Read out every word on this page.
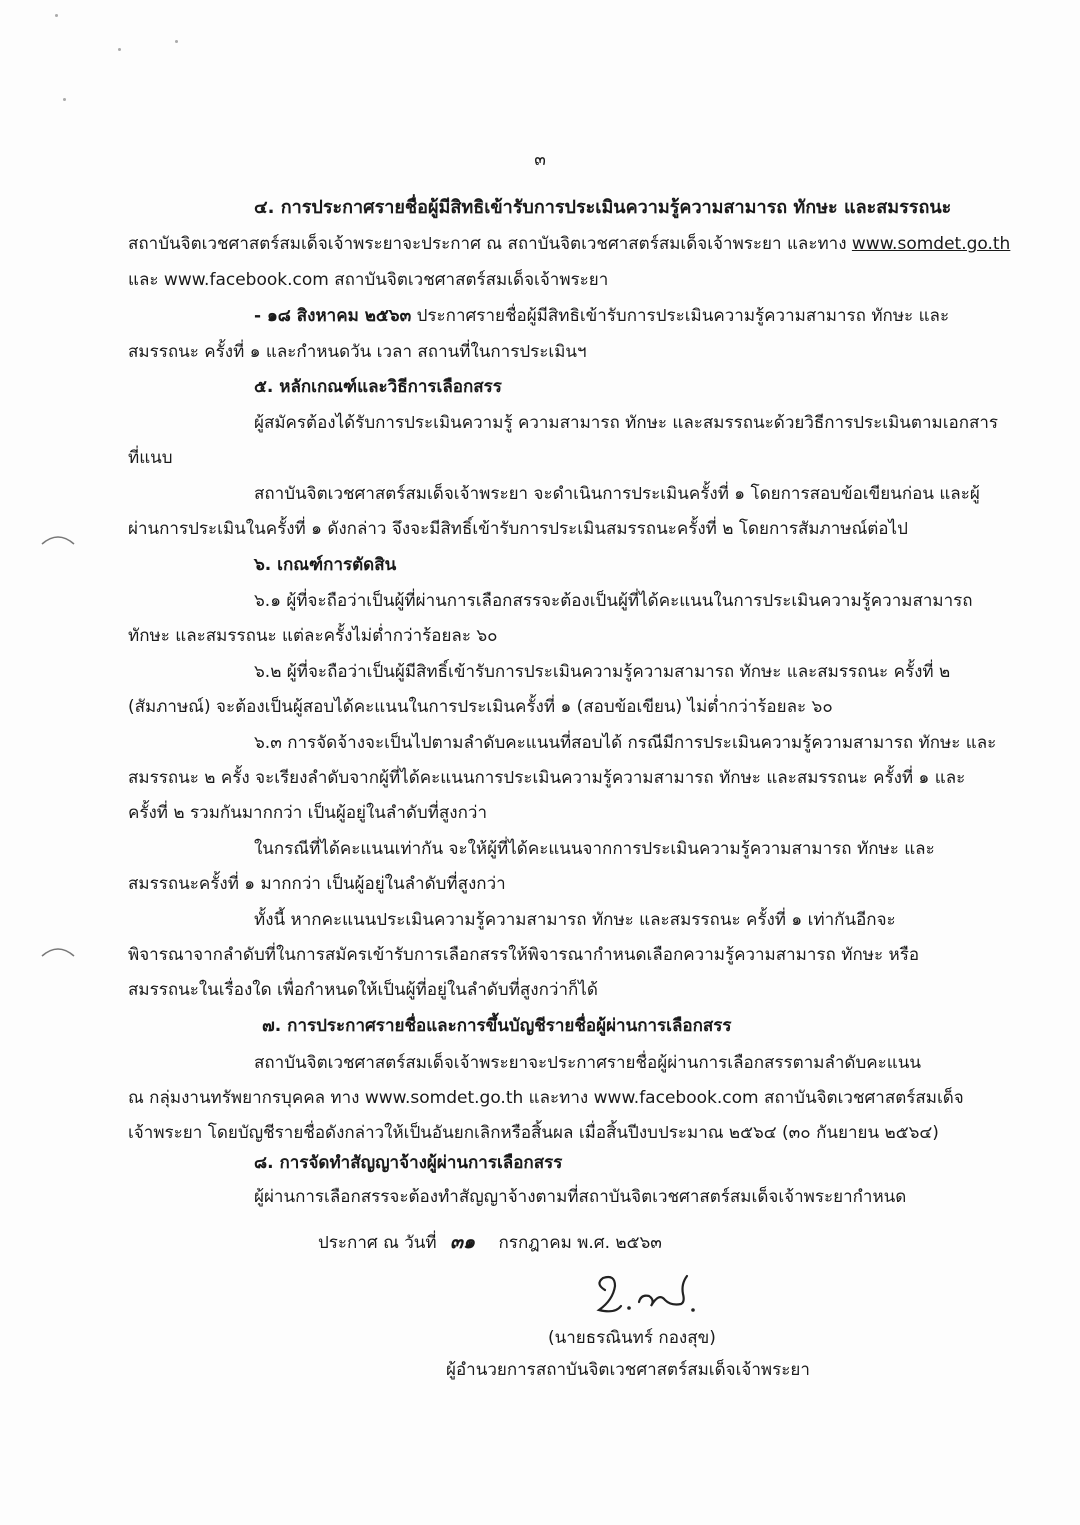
๓
๔. การประกาศรายชื่อผู้มีสิทธิเข้ารับการประเมินความรู้ความสามารถ ทักษะ และสมรรถนะ
สถาบันจิตเวชศาสตร์สมเด็จเจ้าพระยาจะประกาศ ณ สถาบันจิตเวชศาสตร์สมเด็จเจ้าพระยา และทาง www.somdet.go.th
และ www.facebook.com สถาบันจิตเวชศาสตร์สมเด็จเจ้าพระยา
- ๑๘ สิงหาคม ๒๕๖๓ ประกาศรายชื่อผู้มีสิทธิเข้ารับการประเมินความรู้ความสามารถ ทักษะ และ
สมรรถนะ ครั้งที่ ๑ และกำหนดวัน เวลา สถานที่ในการประเมินฯ
๕. หลักเกณฑ์และวิธีการเลือกสรร
ผู้สมัครต้องได้รับการประเมินความรู้ ความสามารถ ทักษะ และสมรรถนะด้วยวิธีการประเมินตามเอกสาร
ที่แนบ
สถาบันจิตเวชศาสตร์สมเด็จเจ้าพระยา จะดำเนินการประเมินครั้งที่ ๑ โดยการสอบข้อเขียนก่อน และผู้
ผ่านการประเมินในครั้งที่ ๑ ดังกล่าว จึงจะมีสิทธิ์เข้ารับการประเมินสมรรถนะครั้งที่ ๒ โดยการสัมภาษณ์ต่อไป
๖. เกณฑ์การตัดสิน
๖.๑ ผู้ที่จะถือว่าเป็นผู้ที่ผ่านการเลือกสรรจะต้องเป็นผู้ที่ได้คะแนนในการประเมินความรู้ความสามารถ
ทักษะ และสมรรถนะ แต่ละครั้งไม่ต่ำกว่าร้อยละ ๖๐
๖.๒ ผู้ที่จะถือว่าเป็นผู้มีสิทธิ์เข้ารับการประเมินความรู้ความสามารถ ทักษะ และสมรรถนะ ครั้งที่ ๒
(สัมภาษณ์) จะต้องเป็นผู้สอบได้คะแนนในการประเมินครั้งที่ ๑ (สอบข้อเขียน) ไม่ต่ำกว่าร้อยละ ๖๐
๖.๓ การจัดจ้างจะเป็นไปตามลำดับคะแนนที่สอบได้ กรณีมีการประเมินความรู้ความสามารถ ทักษะ และ
สมรรถนะ ๒ ครั้ง จะเรียงลำดับจากผู้ที่ได้คะแนนการประเมินความรู้ความสามารถ ทักษะ และสมรรถนะ ครั้งที่ ๑ และ
ครั้งที่ ๒ รวมกันมากกว่า เป็นผู้อยู่ในลำดับที่สูงกว่า
ในกรณีที่ได้คะแนนเท่ากัน จะให้ผู้ที่ได้คะแนนจากการประเมินความรู้ความสามารถ ทักษะ และ
สมรรถนะครั้งที่ ๑ มากกว่า เป็นผู้อยู่ในลำดับที่สูงกว่า
ทั้งนี้ หากคะแนนประเมินความรู้ความสามารถ ทักษะ และสมรรถนะ ครั้งที่ ๑ เท่ากันอีกจะ
พิจารณาจากลำดับที่ในการสมัครเข้ารับการเลือกสรรให้พิจารณากำหนดเลือกความรู้ความสามารถ ทักษะ หรือ
สมรรถนะในเรื่องใด เพื่อกำหนดให้เป็นผู้ที่อยู่ในลำดับที่สูงกว่าก็ได้
๗. การประกาศรายชื่อและการขึ้นบัญชีรายชื่อผู้ผ่านการเลือกสรร
สถาบันจิตเวชศาสตร์สมเด็จเจ้าพระยาจะประกาศรายชื่อผู้ผ่านการเลือกสรรตามลำดับคะแนน
ณ กลุ่มงานทรัพยากรบุคคล ทาง www.somdet.go.th และทาง www.facebook.com สถาบันจิตเวชศาสตร์สมเด็จ
เจ้าพระยา โดยบัญชีรายชื่อดังกล่าวให้เป็นอันยกเลิกหรือสิ้นผล เมื่อสิ้นปีงบประมาณ ๒๕๖๔ (๓๐ กันยายน ๒๕๖๔)
๘. การจัดทำสัญญาจ้างผู้ผ่านการเลือกสรร
ผู้ผ่านการเลือกสรรจะต้องทำสัญญาจ้างตามที่สถาบันจิตเวชศาสตร์สมเด็จเจ้าพระยากำหนด
ประกาศ ณ วันที่ ๓๑ กรกฎาคม พ.ศ. ๒๕๖๓
(นายธรณินทร์ กองสุข)
ผู้อำนวยการสถาบันจิตเวชศาสตร์สมเด็จเจ้าพระยา
